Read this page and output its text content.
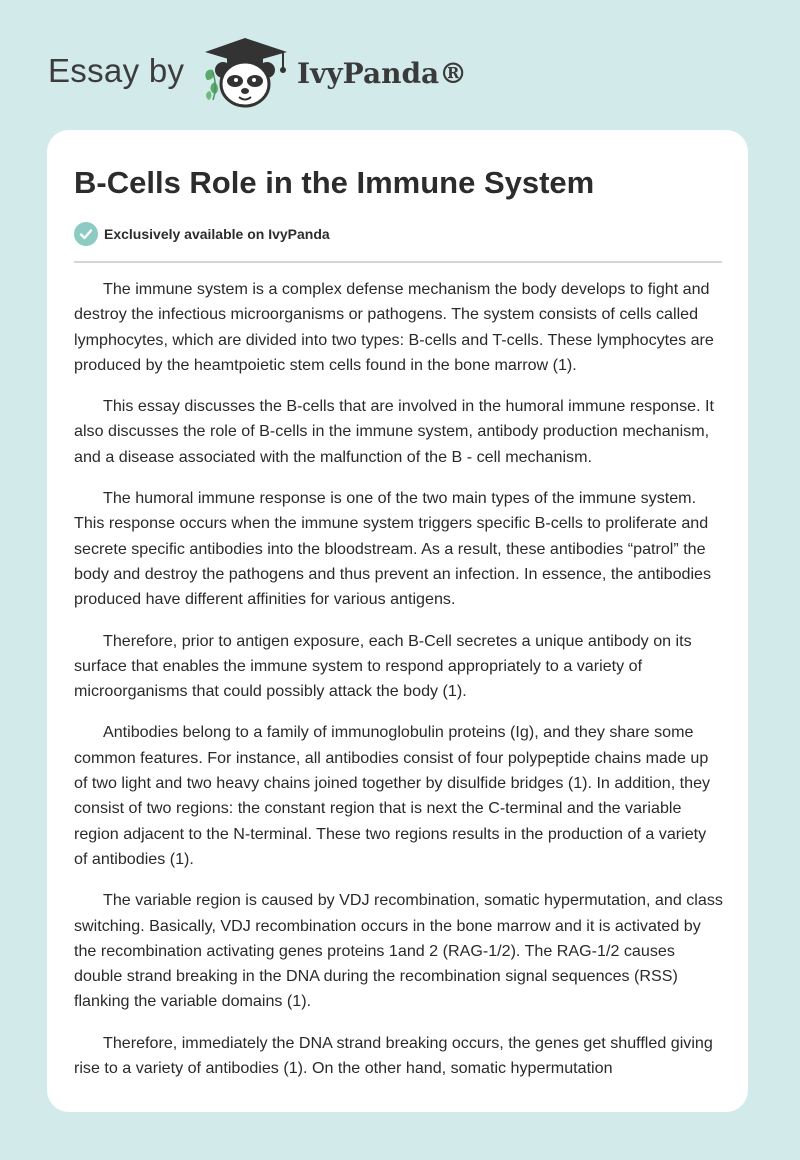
Essay by	IvyPanda®
B-Cells Role in the Immune System
Exclusively available on IvyPanda

The immune system is a complex defense mechanism the body develops to fight and destroy the infectious microorganisms or pathogens. The system consists of cells called lymphocytes, which are divided into two types: B-cells and T-cells. These lymphocytes are produced by the heamtpoietic stem cells found in the bone marrow (1).

This essay discusses the B-cells that are involved in the humoral immune response. It also discusses the role of B-cells in the immune system, antibody production mechanism, and a disease associated with the malfunction of the B - cell mechanism.

The humoral immune response is one of the two main types of the immune system. This response occurs when the immune system triggers specific B-cells to proliferate and secrete specific antibodies into the bloodstream. As a result, these antibodies “patrol” the body and destroy the pathogens and thus prevent an infection. In essence, the antibodies produced have different affinities for various antigens.

Therefore, prior to antigen exposure, each B-Cell secretes a unique antibody on its surface that enables the immune system to respond appropriately to a variety of microorganisms that could possibly attack the body (1).

Antibodies belong to a family of immunoglobulin proteins (Ig), and they share some common features. For instance, all antibodies consist of four polypeptide chains made up of two light and two heavy chains joined together by disulfide bridges (1). In addition, they consist of two regions: the constant region that is next the C-terminal and the variable region adjacent to the N-terminal. These two regions results in the production of a variety of antibodies (1).

The variable region is caused by VDJ recombination, somatic hypermutation, and class switching. Basically, VDJ recombination occurs in the bone marrow and it is activated by the recombination activating genes proteins 1and 2 (RAG-1/2). The RAG-1/2 causes double strand breaking in the DNA during the recombination signal sequences (RSS) flanking the variable domains (1).

Therefore, immediately the DNA strand breaking occurs, the genes get shuffled giving rise to a variety of antibodies (1). On the other hand, somatic hypermutation
